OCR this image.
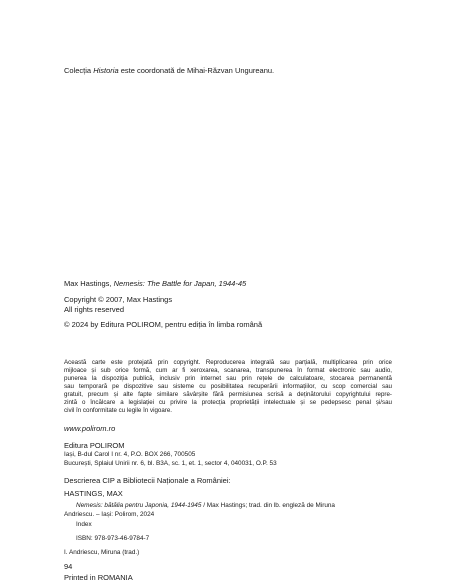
Colecția Historia este coordonată de Mihai-Răzvan Ungureanu.
Max Hastings, Nemesis: The Battle for Japan, 1944-45
Copyright © 2007, Max Hastings
All rights reserved
© 2024 by Editura POLIROM, pentru ediția în limba română
Această carte este protejată prin copyright. Reproducerea integrală sau parțială, multiplicarea prin orice
mijloace și sub orice formă, cum ar fi xeroxarea, scanarea, transpunerea în format electronic sau audio,
punerea la dispoziția publică, inclusiv prin internet sau prin rețele de calculatoare, stocarea permanentă
sau temporară pe dispozitive sau sisteme cu posibilitatea recuperării informațiilor, cu scop comercial sau
gratuit, precum și alte fapte similare săvârșite fără permisiunea scrisă a deținătorului copyrightului repre-
zintă o încălcare a legislației cu privire la protecția proprietății intelectuale și se pedepsesc penal și/sau
civil în conformitate cu legile în vigoare.
www.polirom.ro
Editura POLIROM
Iași, B-dul Carol I nr. 4, P.O. BOX 266, 700505
București, Splaiul Unirii nr. 6, bl. B3A, sc. 1, et. 1, sector 4, 040031, O.P. 53
Descrierea CIP a Bibliotecii Naționale a României:
HASTINGS, MAX
Nemesis: bătălia pentru Japonia, 1944-1945 / Max Hastings; trad. din lb. engleză de Miruna
Andriescu. – Iași: Polirom, 2024
Index
ISBN: 978-973-46-9784-7
I. Andriescu, Miruna (trad.)
94
Printed in ROMANIA
